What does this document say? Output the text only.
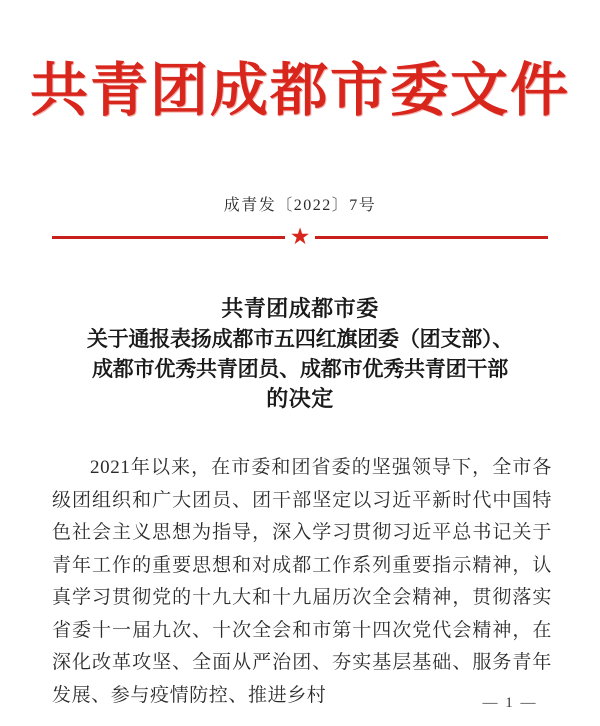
共青团成都市委文件
成青发〔2022〕7号
★
共青团成都市委
关于通报表扬成都市五四红旗团委（团支部）、
成都市优秀共青团员、成都市优秀共青团干部
的决定

2021年以来，在市委和团省委的坚强领导下，全市各级团组织和广大团员、团干部坚定以习近平新时代中国特色社会主义思想为指导，深入学习贯彻习近平总书记关于青年工作的重要思想和对成都工作系列重要指示精神，认真学习贯彻党的十九大和十九届历次全会精神，贯彻落实省委十一届九次、十次全会和市第十四次党代会精神，在深化改革攻坚、全面从严治团、夯实基层基础、服务青年发展、参与疫情防控、推进乡村	— 1 —
